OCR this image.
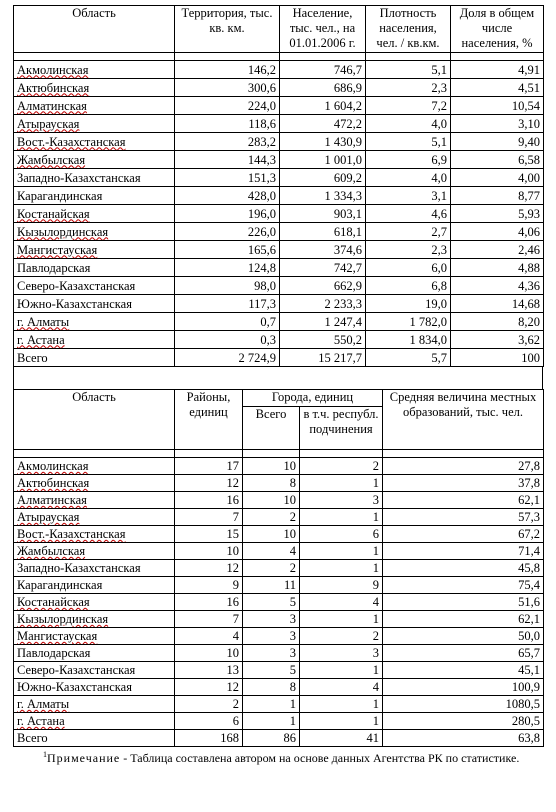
Область	Территория, тыс. кв. км.	Население, тыс. чел., на 01.01.2006 г.	Плотность населения, чел. / кв.км.	Доля в общем числе населения, %

Акмолинская	146,2	746,7	5,1	4,91
Актюбинская	300,6	686,9	2,3	4,51
Алматинская	224,0	1 604,2	7,2	10,54
Атырауская	118,6	472,2	4,0	3,10
Вост.-Казахстанская	283,2	1 430,9	5,1	9,40
Жамбылская	144,3	1 001,0	6,9	6,58
Западно-Казахстанская	151,3	609,2	4,0	4,00
Карагандинская	428,0	1 334,3	3,1	8,77
Костанайская	196,0	903,1	4,6	5,93
Кызылординская	226,0	618,1	2,7	4,06
Мангистауская	165,6	374,6	2,3	2,46
Павлодарская	124,8	742,7	6,0	4,88
Северо-Казахстанская	98,0	662,9	6,8	4,36
Южно-Казахстанская	117,3	2 233,3	19,0	14,68
г. Алматы	0,7	1 247,4	1 782,0	8,20
г. Астана	0,3	550,2	1 834,0	3,62
Всего	2 724,9	15 217,7	5,7	100
Область	Районы, единиц	Города, единиц		Средняя величина местных образований, тыс. чел.
		Всего	в т.ч. республ. подчинения	

Акмолинская	17	10	2	27,8
Актюбинская	12	8	1	37,8
Алматинская	16	10	3	62,1
Атырауская	7	2	1	57,3
Вост.-Казахстанская	15	10	6	67,2
Жамбылская	10	4	1	71,4
Западно-Казахстанская	12	2	1	45,8
Карагандинская	9	11	9	75,4
Костанайская	16	5	4	51,6
Кызылординская	7	3	1	62,1
Мангистауская	4	3	2	50,0
Павлодарская	10	3	3	65,7
Северо-Казахстанская	13	5	1	45,1
Южно-Казахстанская	12	8	4	100,9
г. Алматы	2	1	1	1080,5
г. Астана	6	1	1	280,5
Всего	168	86	41	63,8
$^1$Примечание - Таблица составлена автором на основе данных Агентства РК по статистике.
